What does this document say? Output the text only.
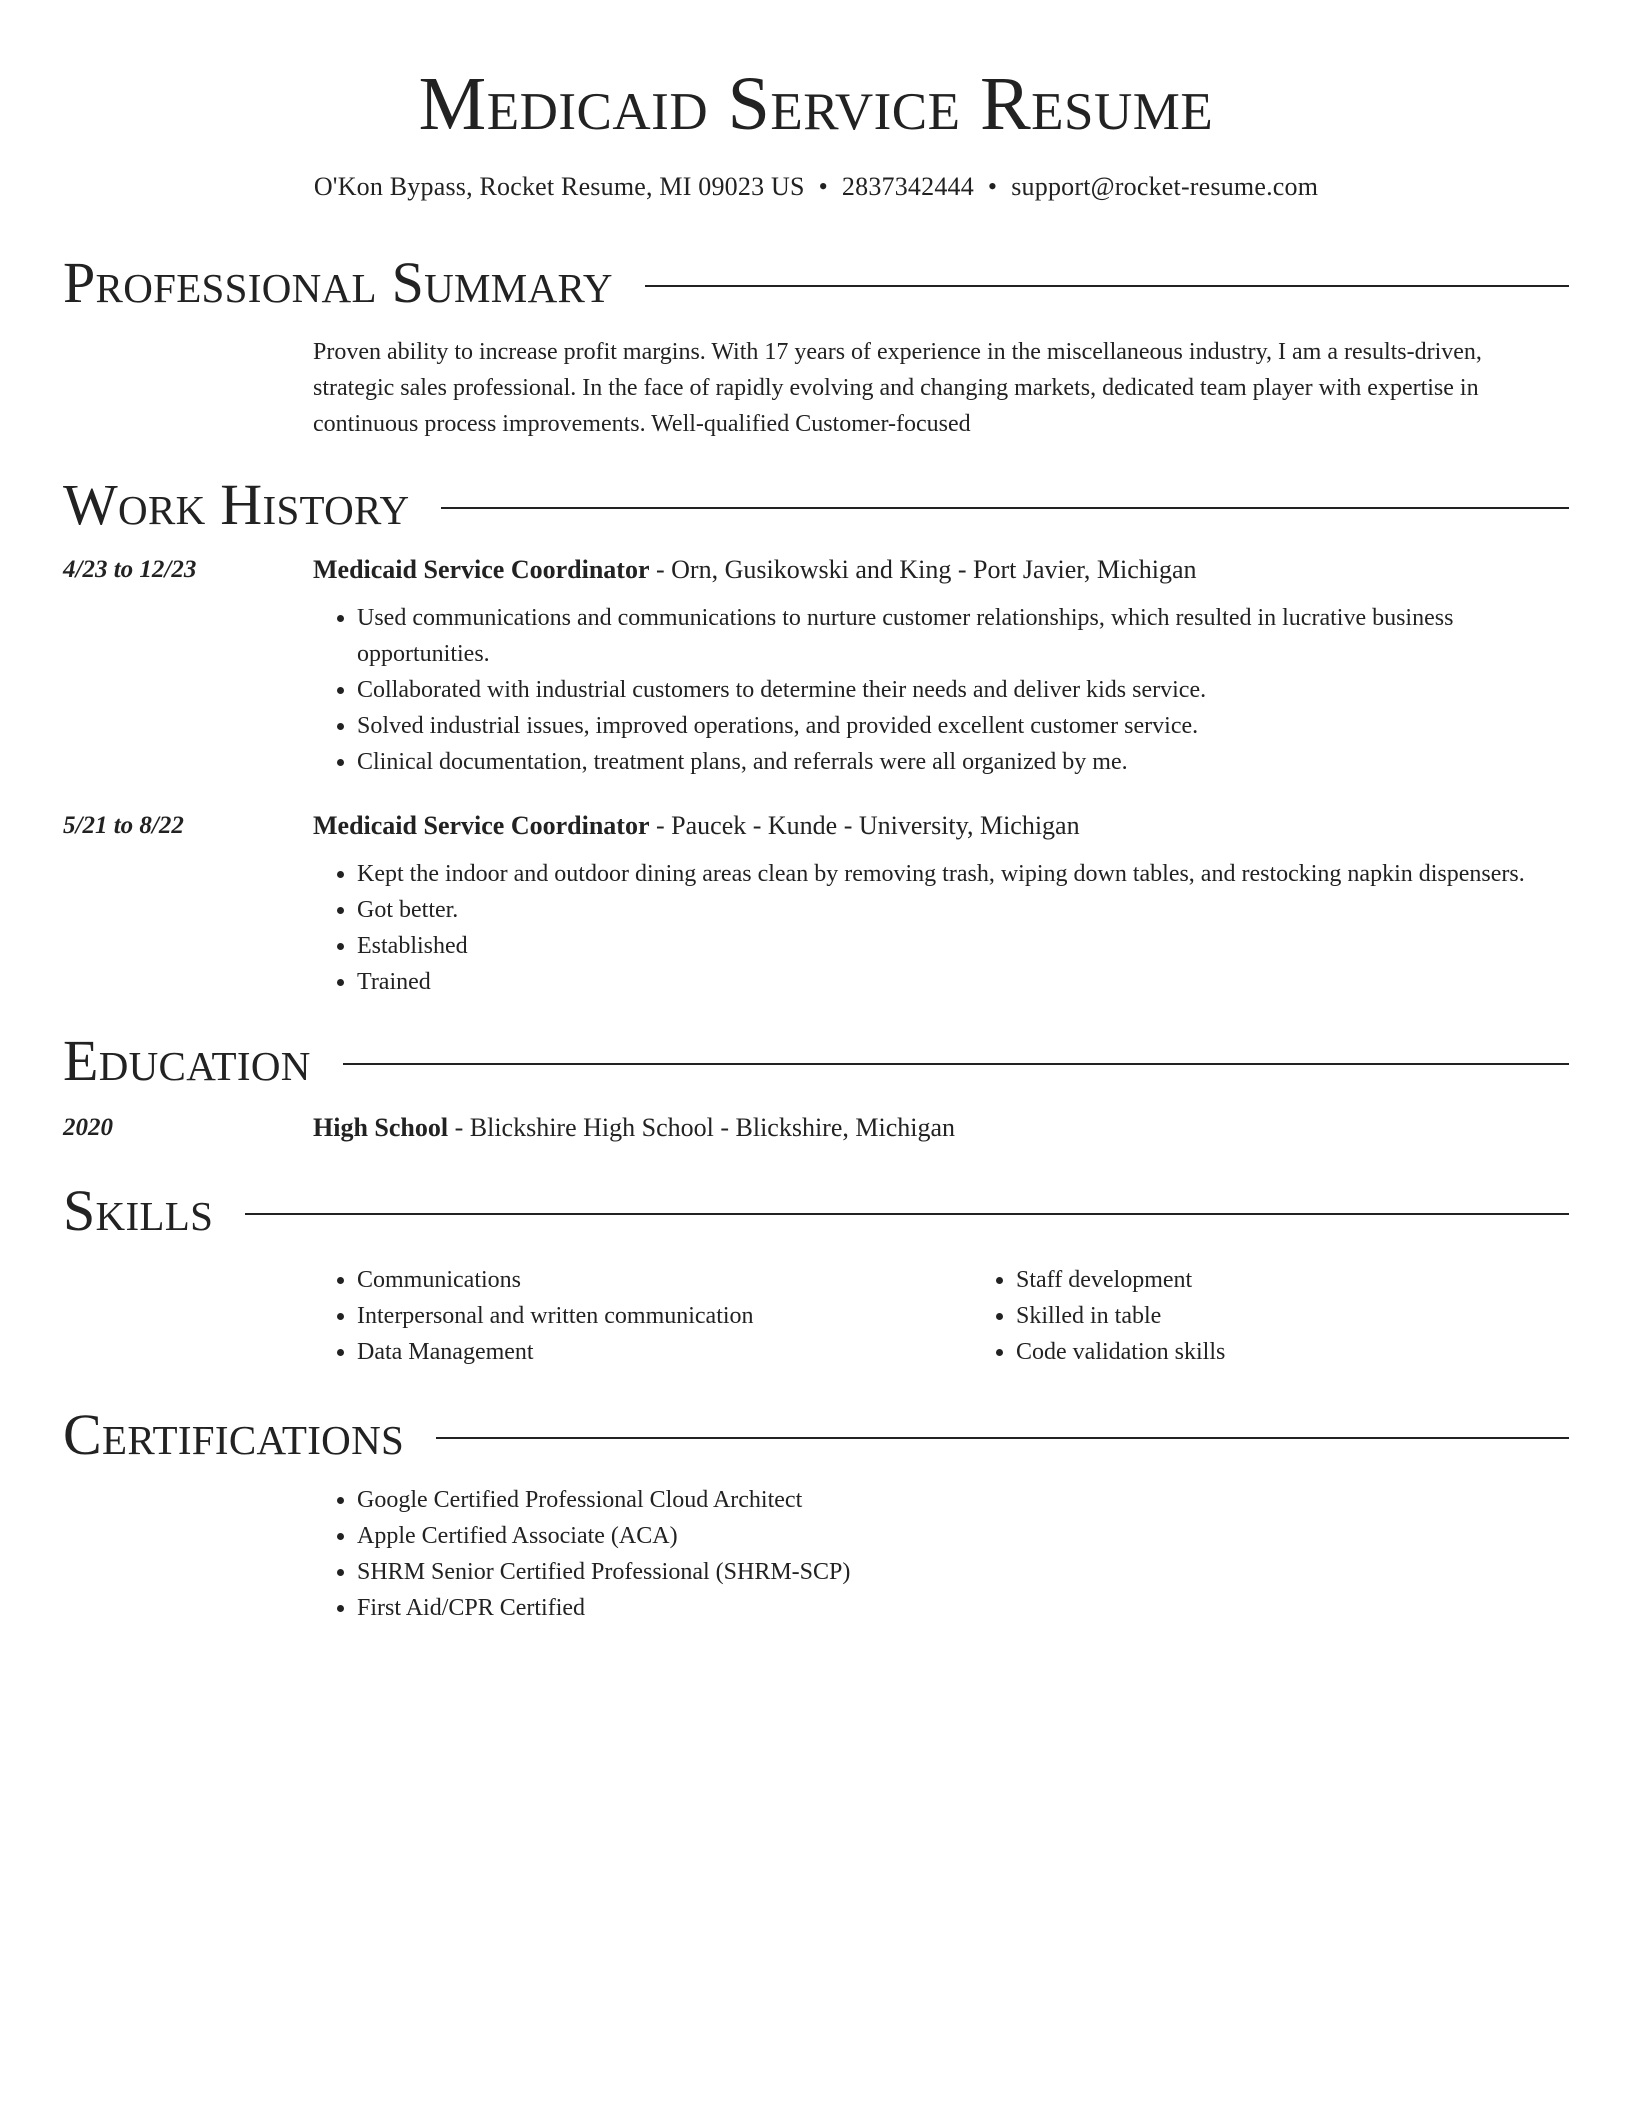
Medicaid Service Resume
O'Kon Bypass, Rocket Resume, MI 09023 US • 2837342444 • support@rocket-resume.com
Professional Summary
Proven ability to increase profit margins. With 17 years of experience in the miscellaneous industry, I am a results-driven, strategic sales professional. In the face of rapidly evolving and changing markets, dedicated team player with expertise in continuous process improvements. Well-qualified Customer-focused
Work History
4/23 to 12/23	Medicaid Service Coordinator - Orn, Gusikowski and King - Port Javier, Michigan
• Used communications and communications to nurture customer relationships, which resulted in lucrative business opportunities.
• Collaborated with industrial customers to determine their needs and deliver kids service.
• Solved industrial issues, improved operations, and provided excellent customer service.
• Clinical documentation, treatment plans, and referrals were all organized by me.
5/21 to 8/22	Medicaid Service Coordinator - Paucek - Kunde - University, Michigan
• Kept the indoor and outdoor dining areas clean by removing trash, wiping down tables, and restocking napkin dispensers.
• Got better.
• Established
• Trained
Education
2020	High School - Blickshire High School - Blickshire, Michigan
Skills
• Communications
• Interpersonal and written communication
• Data Management
• Staff development
• Skilled in table
• Code validation skills
Certifications
• Google Certified Professional Cloud Architect
• Apple Certified Associate (ACA)
• SHRM Senior Certified Professional (SHRM-SCP)
• First Aid/CPR Certified
